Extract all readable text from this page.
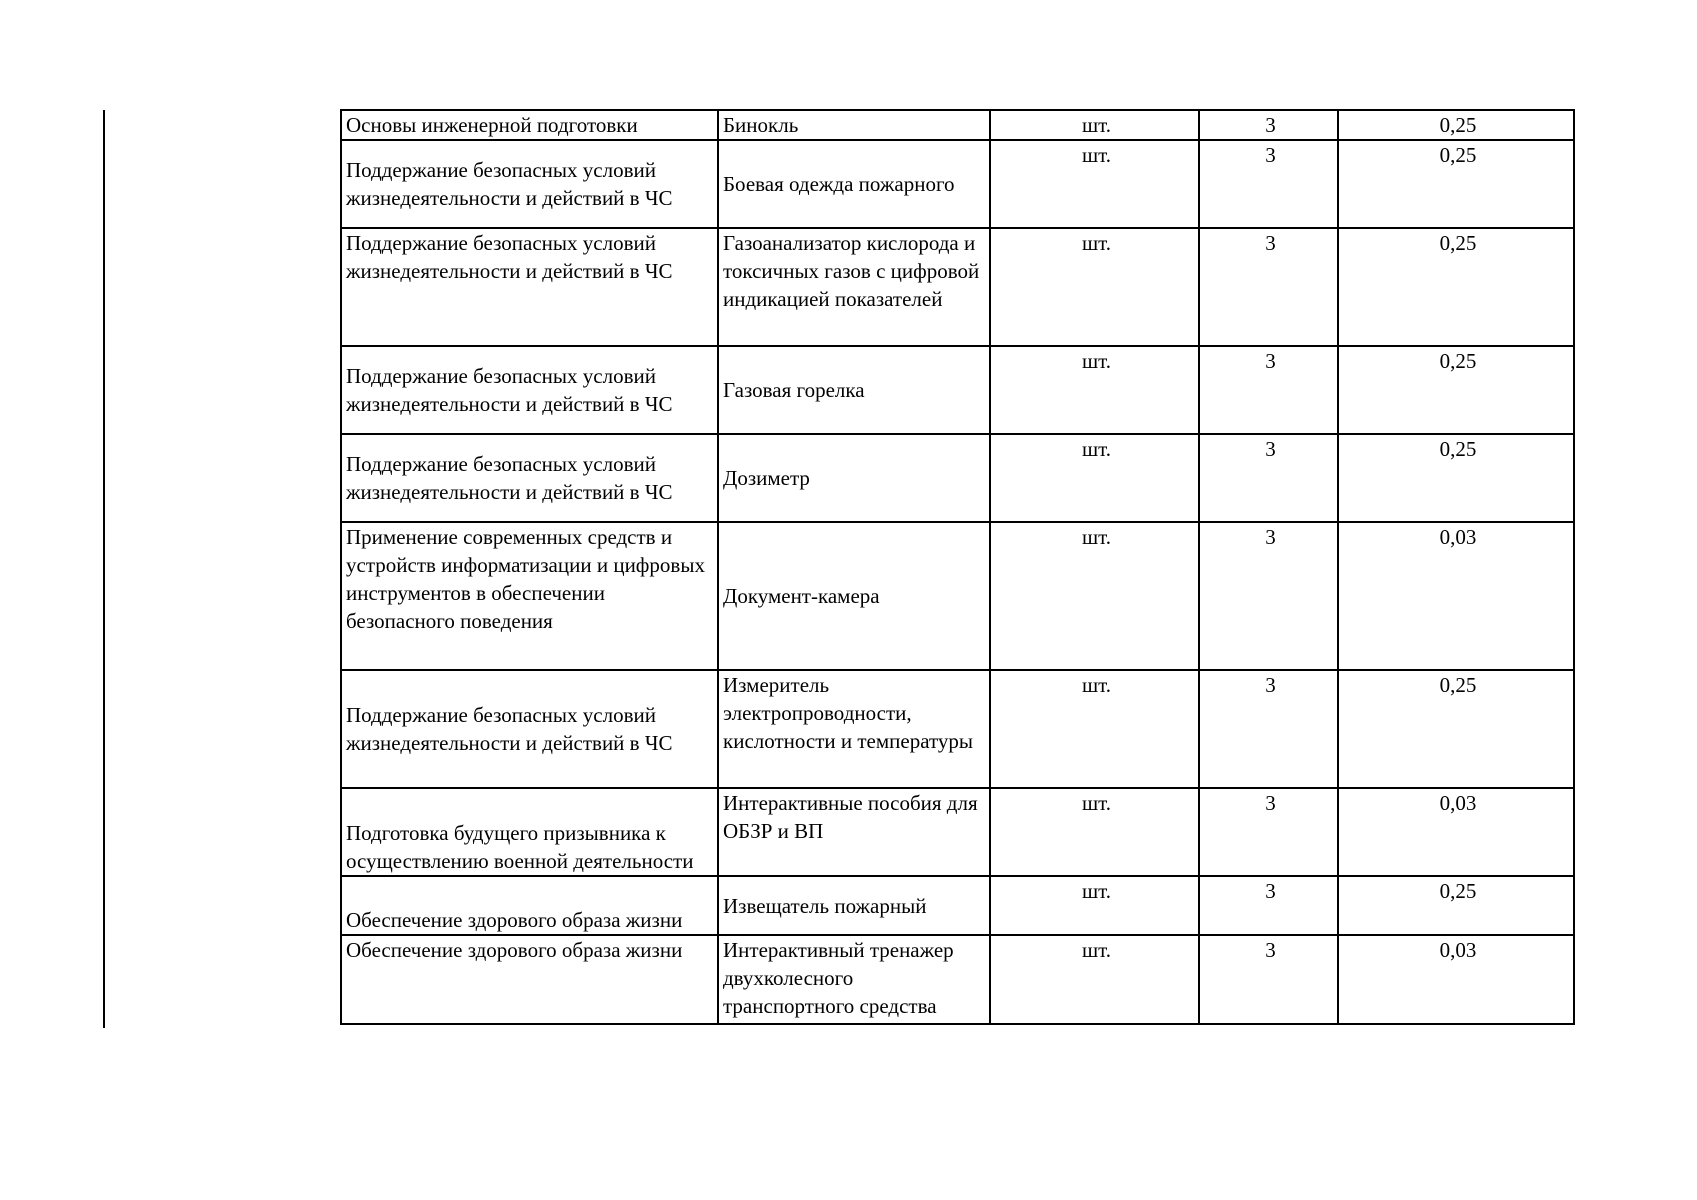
Основы инженерной подготовки	Бинокль	шт.	3	0,25

Поддержание безопасных условий жизнедеятельности и действий в ЧС	Боевая одежда пожарного	шт.	3	0,25

Поддержание безопасных условий жизнедеятельности и действий в ЧС	Газоанализатор кислорода и токсичных газов с цифровой индикацией показателей	шт.	3	0,25

Поддержание безопасных условий жизнедеятельности и действий в ЧС	Газовая горелка	шт.	3	0,25

Поддержание безопасных условий жизнедеятельности и действий в ЧС	Дозиметр	шт.	3	0,25

Применение современных средств и устройств информатизации и цифровых инструментов в обеспечении безопасного поведения	Документ-камера	шт.	3	0,03

Поддержание безопасных условий жизнедеятельности и действий в ЧС	Измеритель электропроводности, кислотности и температуры	шт.	3	0,25

Подготовка будущего призывника к осуществлению военной деятельности	Интерактивные пособия для ОБЗР и ВП	шт.	3	0,03

Обеспечение здорового образа жизни	Извещатель пожарный	шт.	3	0,25

Обеспечение здорового образа жизни	Интерактивный тренажер двухколесного транспортного средства	шт.	3	0,03
